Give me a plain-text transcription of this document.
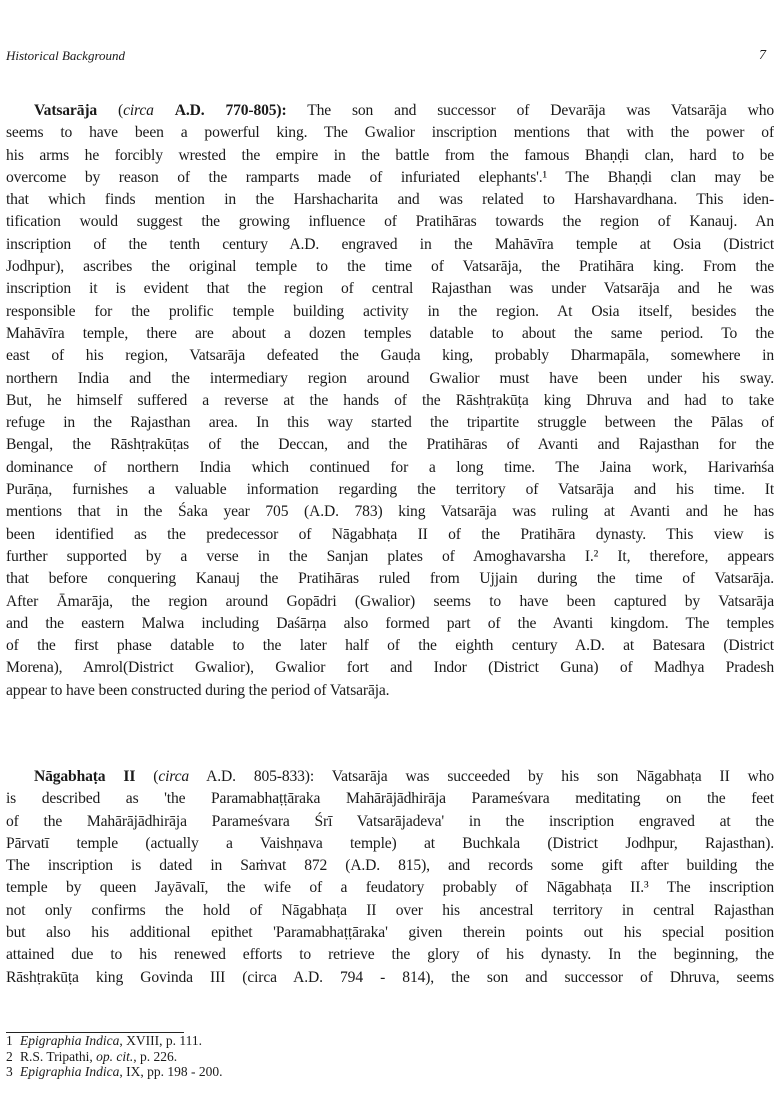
Historical Background	7
Vatsarāja (circa A.D. 770-805): The son and successor of Devarāja was Vatsarāja who
seems to have been a powerful king. The Gwalior inscription mentions that with the power of
his arms he forcibly wrested the empire in the battle from the famous Bhaṇḍi clan, hard to be
overcome by reason of the ramparts made of infuriated elephants'.¹ The Bhaṇḍi clan may be
that which finds mention in the Harshacharita and was related to Harshavardhana. This iden-
tification would suggest the growing influence of Pratihāras towards the region of Kanauj. An
inscription of the tenth century A.D. engraved in the Mahāvīra temple at Osia (District
Jodhpur), ascribes the original temple to the time of Vatsarāja, the Pratihāra king. From the
inscription it is evident that the region of central Rajasthan was under Vatsarāja and he was
responsible for the prolific temple building activity in the region. At Osia itself, besides the
Mahāvīra temple, there are about a dozen temples datable to about the same period. To the
east of his region, Vatsarāja defeated the Gauḍa king, probably Dharmapāla, somewhere in
northern India and the intermediary region around Gwalior must have been under his sway.
But, he himself suffered a reverse at the hands of the Rāshṭrakūṭa king Dhruva and had to take
refuge in the Rajasthan area. In this way started the tripartite struggle between the Pālas of
Bengal, the Rāshṭrakūṭas of the Deccan, and the Pratihāras of Avanti and Rajasthan for the
dominance of northern India which continued for a long time. The Jaina work, Harivaṁśa
Purāṇa, furnishes a valuable information regarding the territory of Vatsarāja and his time. It
mentions that in the Śaka year 705 (A.D. 783) king Vatsarāja was ruling at Avanti and he has
been identified as the predecessor of Nāgabhaṭa II of the Pratihāra dynasty. This view is
further supported by a verse in the Sanjan plates of Amoghavarsha I.² It, therefore, appears
that before conquering Kanauj the Pratihāras ruled from Ujjain during the time of Vatsarāja.
After Āmarāja, the region around Gopādri (Gwalior) seems to have been captured by Vatsarāja
and the eastern Malwa including Daśārṇa also formed part of the Avanti kingdom. The temples
of the first phase datable to the later half of the eighth century A.D. at Batesara (District
Morena), Amrol(District Gwalior), Gwalior fort and Indor (District Guna) of Madhya Pradesh
appear to have been constructed during the period of Vatsarāja.
Nāgabhaṭa II (circa A.D. 805-833): Vatsarāja was succeeded by his son Nāgabhaṭa II who
is described as 'the Paramabhaṭṭāraka Mahārājādhirāja Parameśvara meditating on the feet
of the Mahārājādhirāja Parameśvara Śrī Vatsarājadeva' in the inscription engraved at the
Pārvatī temple (actually a Vaishṇava temple) at Buchkala (District Jodhpur, Rajasthan).
The inscription is dated in Saṁvat 872 (A.D. 815), and records some gift after building the
temple by queen Jayāvalī, the wife of a feudatory probably of Nāgabhaṭa II.³ The inscription
not only confirms the hold of Nāgabhaṭa II over his ancestral territory in central Rajasthan
but also his additional epithet 'Paramabhaṭṭāraka' given therein points out his special position
attained due to his renewed efforts to retrieve the glory of his dynasty. In the beginning, the
Rāshṭrakūṭa king Govinda III (circa A.D. 794 - 814), the son and successor of Dhruva, seems
1 Epigraphia Indica, XVIII, p. 111.
2 R.S. Tripathi, op. cit., p. 226.
3 Epigraphia Indica, IX, pp. 198 - 200.
